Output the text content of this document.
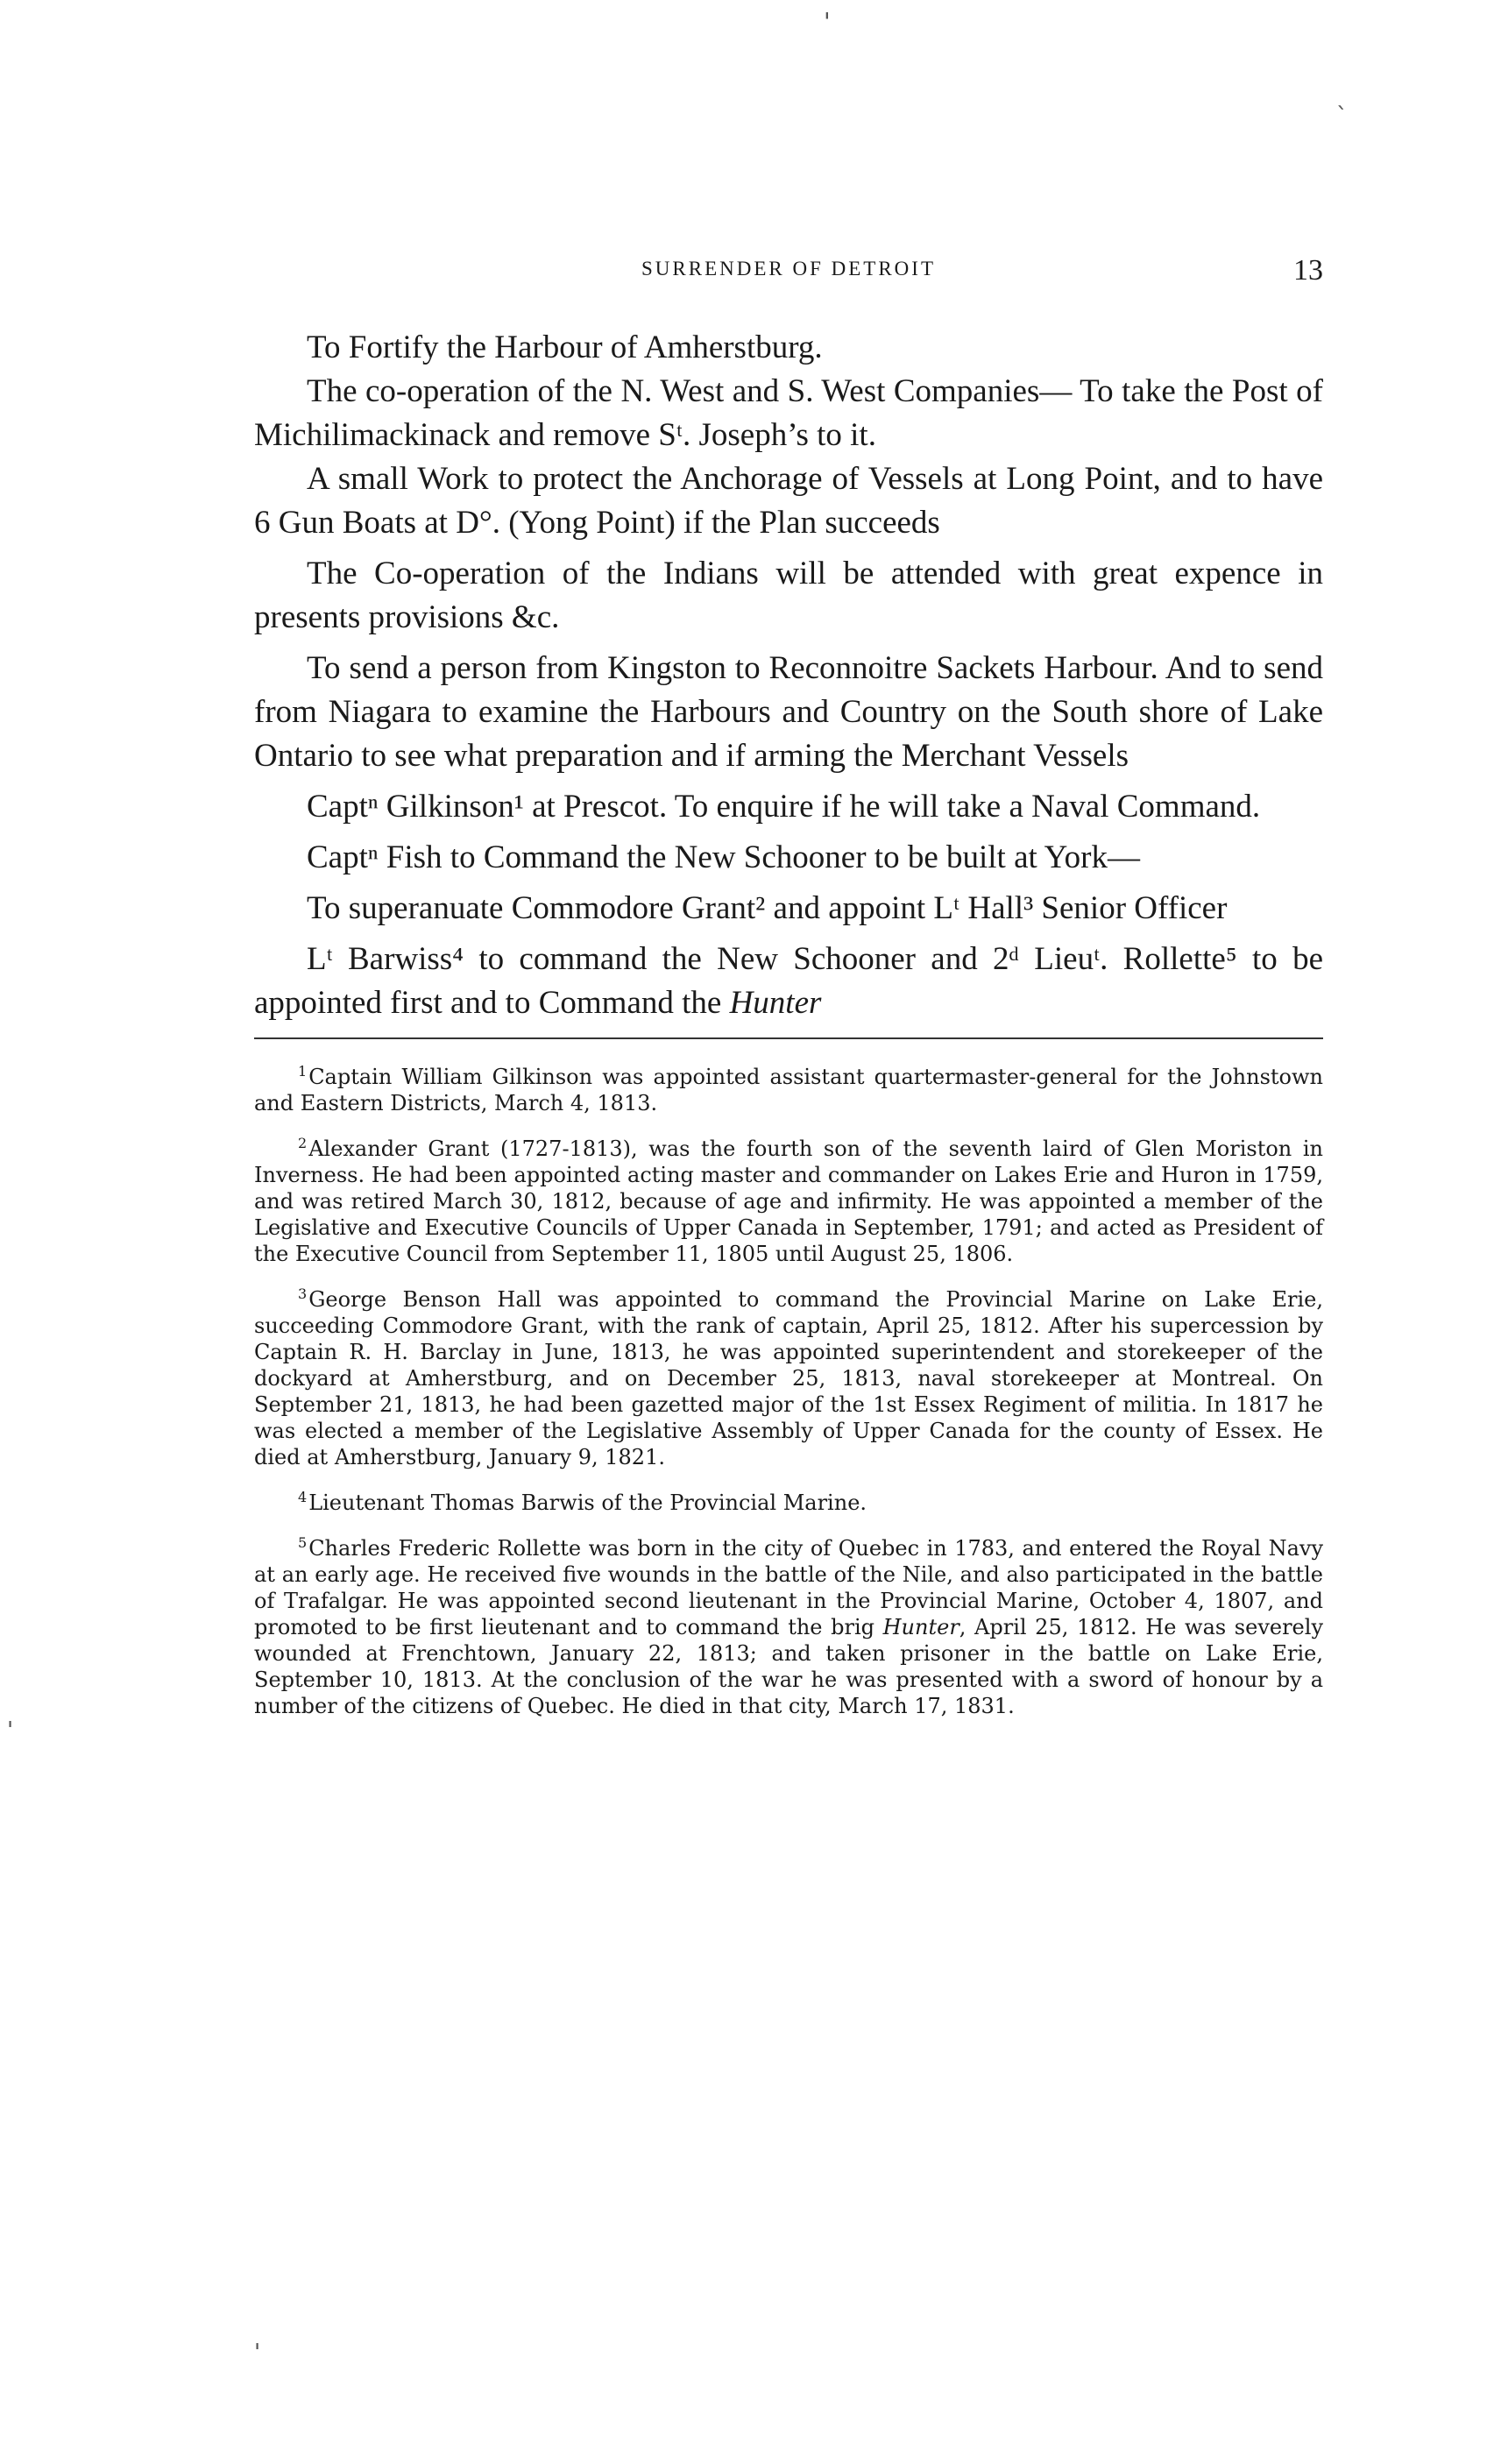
'
`
'
'
SURRENDER OF DETROIT	13

To Fortify the Harbour of Amherstburg.

The co-operation of the N. West and S. West Companies— To take the Post of Michilimackinack and remove Sᵗ. Joseph’s to it.

A small Work to protect the Anchorage of Vessels at Long Point, and to have 6 Gun Boats at D°. (Yong Point) if the Plan succeeds

The Co-operation of the Indians will be attended with great expence in presents provisions &c.

To send a person from Kingston to Reconnoitre Sackets Harbour. And to send from Niagara to examine the Harbours and Country on the South shore of Lake Ontario to see what preparation and if arming the Merchant Vessels

Captⁿ Gilkinson¹ at Prescot. To enquire if he will take a Naval Command.

Captⁿ Fish to Command the New Schooner to be built at York—

To superanuate Commodore Grant² and appoint Lᵗ Hall³ Senior Officer

Lᵗ Barwiss⁴ to command the New Schooner and 2ᵈ Lieuᵗ. Rollette⁵ to be appointed first and to Command the Hunter

$^1$Captain William Gilkinson was appointed assistant quartermaster-general for the Johnstown and Eastern Districts, March 4, 1813.

$^2$Alexander Grant (1727-1813), was the fourth son of the seventh laird of Glen Moriston in Inverness. He had been appointed acting master and commander on Lakes Erie and Huron in 1759, and was retired March 30, 1812, because of age and infirmity. He was appointed a member of the Legislative and Executive Councils of Upper Canada in September, 1791; and acted as President of the Executive Council from September 11, 1805 until August 25, 1806.

$^3$George Benson Hall was appointed to command the Provincial Marine on Lake Erie, succeeding Commodore Grant, with the rank of captain, April 25, 1812. After his supercession by Captain R. H. Barclay in June, 1813, he was appointed superintendent and storekeeper of the dockyard at Amherstburg, and on December 25, 1813, naval storekeeper at Montreal. On September 21, 1813, he had been gazetted major of the 1st Essex Regiment of militia. In 1817 he was elected a member of the Legislative Assembly of Upper Canada for the county of Essex. He died at Amherstburg, January 9, 1821.

$^4$Lieutenant Thomas Barwis of the Provincial Marine.

$^5$Charles Frederic Rollette was born in the city of Quebec in 1783, and entered the Royal Navy at an early age. He received five wounds in the battle of the Nile, and also participated in the battle of Trafalgar. He was appointed second lieutenant in the Provincial Marine, October 4, 1807, and promoted to be first lieutenant and to command the brig Hunter, April 25, 1812. He was severely wounded at Frenchtown, January 22, 1813; and taken prisoner in the battle on Lake Erie, September 10, 1813. At the conclusion of the war he was presented with a sword of honour by a number of the citizens of Quebec. He died in that city, March 17, 1831.
